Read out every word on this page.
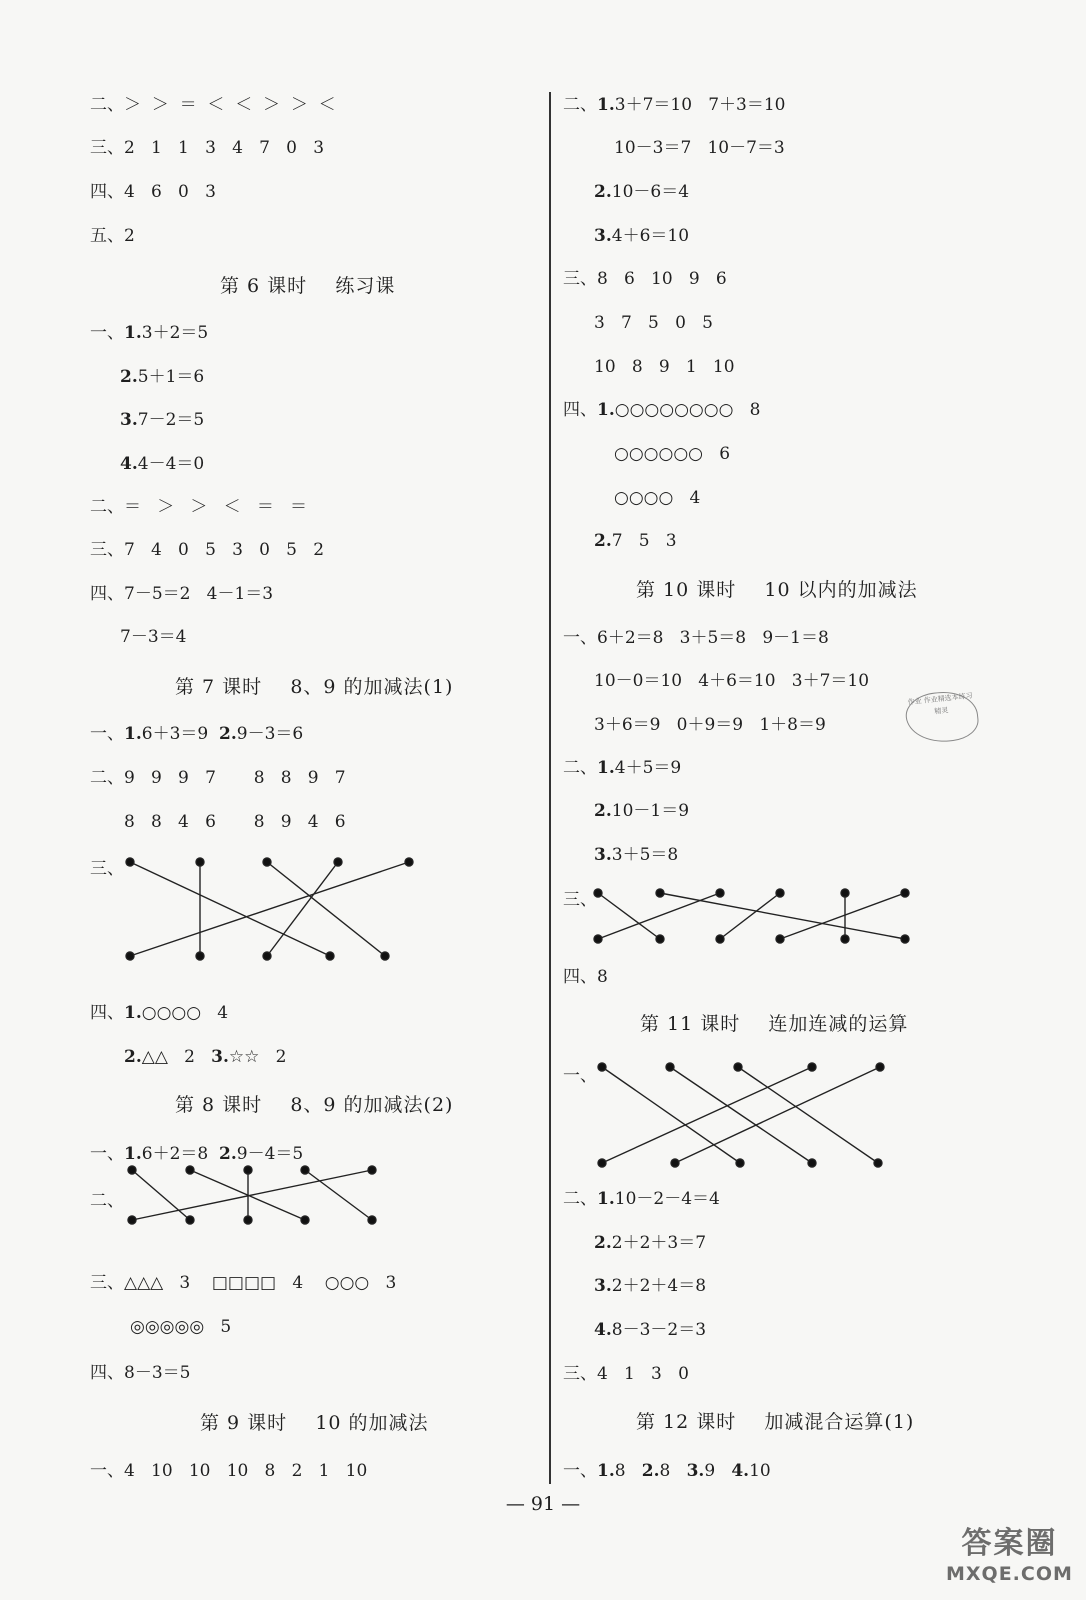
二、＞  ＞  ＝  ＜  ＜  ＞  ＞  ＜
三、2   1   1   3   4   7   0   3
四、4   6   0   3
五、2
第 6 课时    练习课
一、1.3＋2＝5
2.5＋1＝6
3.7－2＝5
4.4－4＝0
二、＝   ＞   ＞   ＜   ＝   ＝
三、7   4   0   5   3   0   5   2
四、7－5＝2   4－1＝3
7－3＝4
第 7 课时    8、9 的加减法(1)
一、1.6＋3＝9  2.9－3＝6
二、9   9   9   7       8   8   9   7
8   8   4   6       8   9   4   6
三、
四、1.○○○○   4
2.△△   2   3.☆☆   2
第 8 课时    8、9 的加减法(2)
一、1.6＋2＝8  2.9－4＝5
二、
三、△△△   3    □□□□   4    ○○○   3
◎◎◎◎◎   5
四、8－3＝5
第 9 课时    10 的加减法
一、4   10   10   10   8   2   1   10
二、1.3＋7＝10   7＋3＝10
10－3＝7   10－7＝3
2.10－6＝4
3.4＋6＝10
三、8   6   10   9   6
3   7   5   0   5
10   8   9   1   10
四、1.○○○○○○○○   8
○○○○○○   6
○○○○   4
2.7   5   3
第 10 课时    10 以内的加减法
一、6＋2＝8   3＋5＝8   9－1＝8
10－0＝10   4＋6＝10   3＋7＝10
3＋6＝9   0＋9＝9   1＋8＝9
二、1.4＋5＝9
2.10－1＝9
3.3＋5＝8
三、
四、8
第 11 课时    连加连减的运算
一、
二、1.10－2－4＝4
2.2＋2＋3＝7
3.2＋2＋4＝8
4.8－3－2＝3
三、4   1   3   0
第 12 课时    加减混合运算(1)
一、1.8   2.8   3.9   4.10
作业 作业精选本练习 精灵
— 91 —
答案圈
MXQE.COM
